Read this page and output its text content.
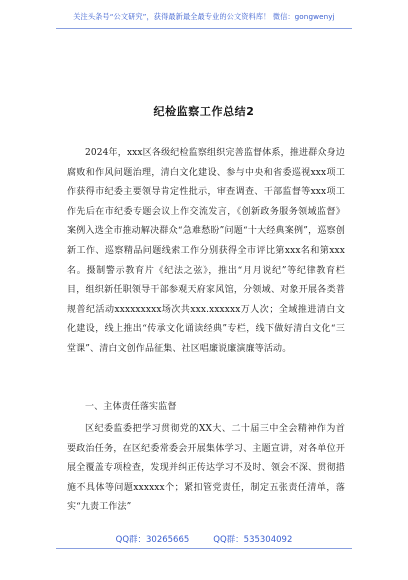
关注头条号“公文研究”，获得最新最全最专业的公文资料库！ 微信：gongwenyj
纪检监察工作总结2
2024年，xxx区各级纪检监察组织完善监督体系，推进群众身边腐败和作风问题治理，清白文化建设、参与中央和省委巡视xxx项工作获得市纪委主要领导肯定性批示，审查调查、干部监督等xxx项工作先后在市纪委专题会议上作交流发言，《创新政务服务领域监督》案例入选全市推动解决群众“急难愁盼”问题“十大经典案例”，巡察创新工作、巡察精品问题线索工作分别获得全市评比第xxx名和第xxx名。摄制警示教育片《纪法之弦》，推出“月月说纪”等纪律教育栏目，组织新任职领导干部参观天府家风馆，分领域、对象开展各类普规普纪活动xxxxxxxxx场次共xxx.xxxxxx万人次；全域推进清白文化建设，线上推出“传承文化诵读经典”专栏，线下做好清白文化“三堂课”、清白文创作品征集、社区唱廉说廉演廉等活动。
一、主体责任落实监督
区纪委监委把学习贯彻党的XX大、二十届三中全会精神作为首要政治任务，在区纪委常委会开展集体学习、主题宣讲，对各单位开展全覆盖专项检查，发现并纠正传达学习不及时、领会不深、贯彻措施不具体等问题xxxxxx个；紧扣管党责任，制定五张责任清单，落实“九责工作法”
QQ群：30265665	QQ群：535304092
